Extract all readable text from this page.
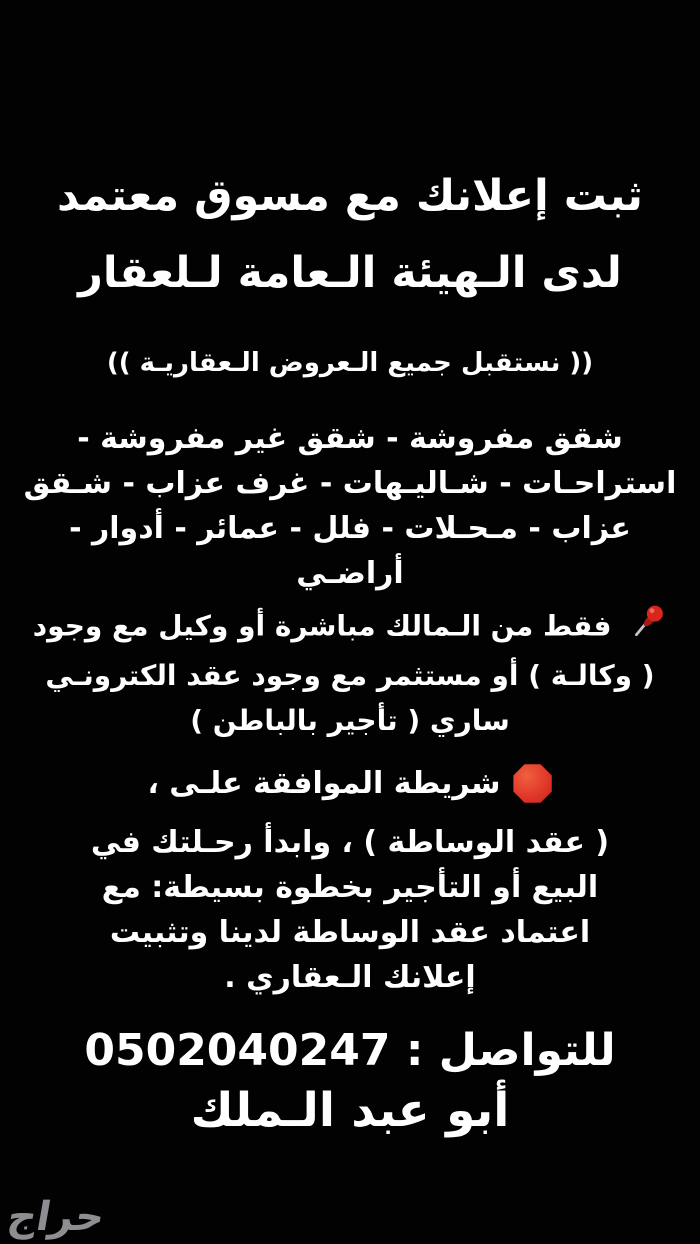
ثبت إعلانك مع مسوق معتمد
لدى الـهيئة الـعامة لـلعقار
(( نستقبل جميع الـعروض الـعقاريـة ))
شقق مفروشة - شقق غير مفروشة -
استراحـات - شـاليـهات - غرف عزاب - شـقق
عزاب - مـحـلات - فلل - عمائر - أدوار -
أراضـي
فقط من الـمالك مباشرة أو وكيل مع وجود
( وكالـة ) أو مستثمر مع وجود عقد الكترونـي
ساري ( تأجير بالباطن )
شريطة الموافقة علـى ،
( عقد الوساطة ) ، وابدأ رحـلتك في
البيع أو التأجير بخطوة بسيطة: مع
اعتماد عقد الوساطة لدينا وتثبيت
إعلانك الـعقاري .
للتواصل : 0502040247
أبو عبد الـملك
حراج
